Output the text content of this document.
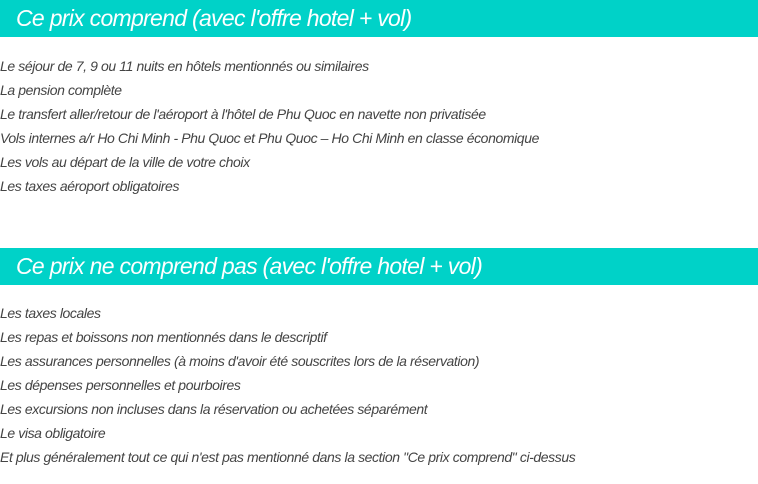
Ce prix comprend (avec l'offre hotel + vol)
Le séjour de 7, 9 ou 11 nuits en hôtels mentionnés ou similaires
La pension complète
Le transfert aller/retour de l'aéroport à l'hôtel de Phu Quoc en navette non privatisée
Vols internes a/r Ho Chi Minh - Phu Quoc et Phu Quoc – Ho Chi Minh en classe économique
Les vols au départ de la ville de votre choix
Les taxes aéroport obligatoires
Ce prix ne comprend pas (avec l'offre hotel + vol)
Les taxes locales
Les repas et boissons non mentionnés dans le descriptif
Les assurances personnelles (à moins d'avoir été souscrites lors de la réservation)
Les dépenses personnelles et pourboires
Les excursions non incluses dans la réservation ou achetées séparément
Le visa obligatoire
Et plus généralement tout ce qui n'est pas mentionné dans la section "Ce prix comprend" ci-dessus
